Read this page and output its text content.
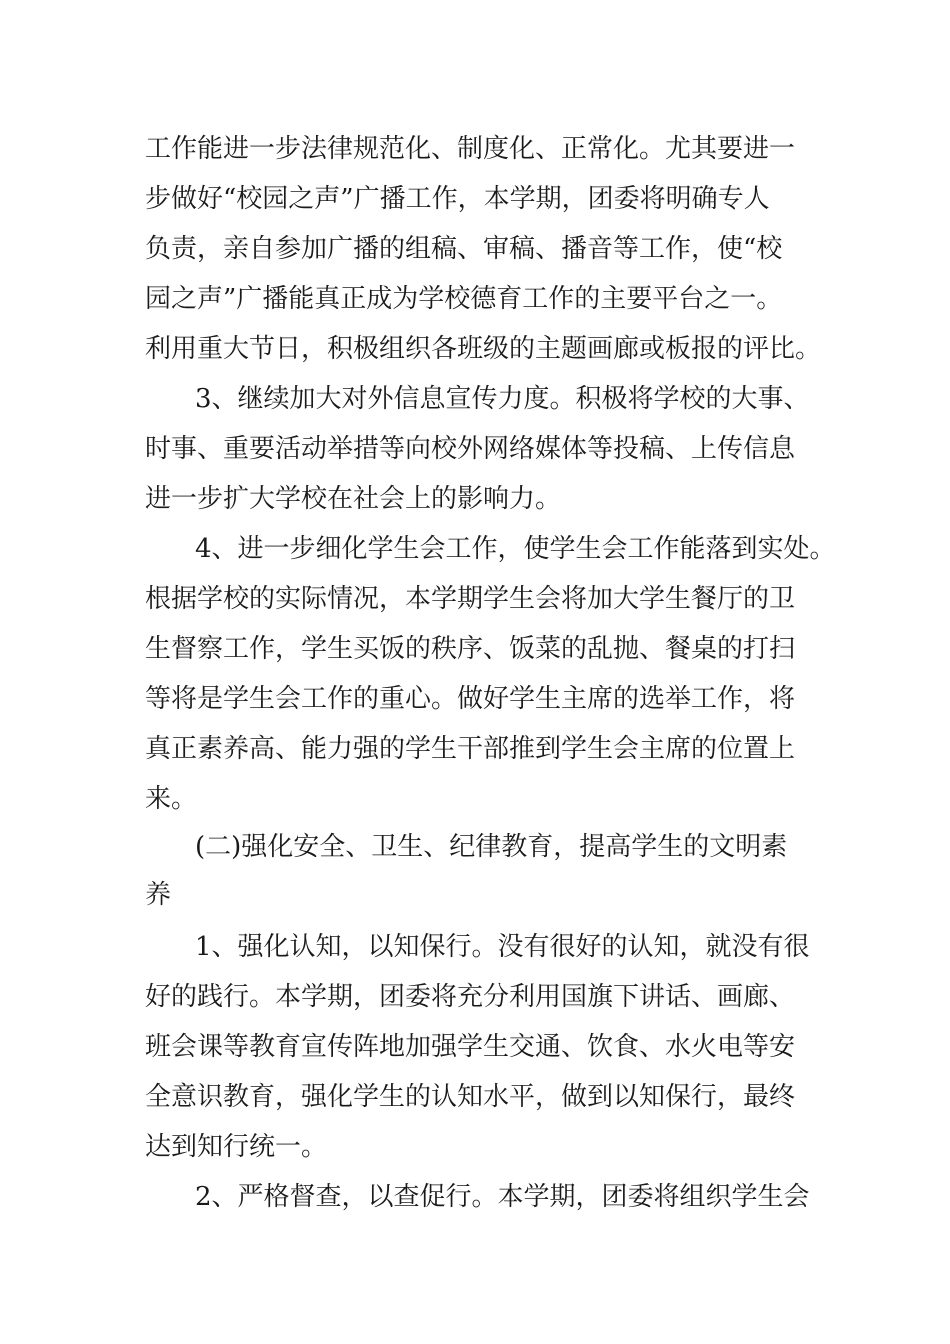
工作能进一步法律规范化、制度化、正常化。尤其要进一
步做好“校园之声”广播工作，本学期，团委将明确专人
负责，亲自参加广播的组稿、审稿、播音等工作，使“校
园之声”广播能真正成为学校德育工作的主要平台之一。
利用重大节日，积极组织各班级的主题画廊或板报的评比。
3、继续加大对外信息宣传力度。积极将学校的大事、
时事、重要活动举措等向校外网络媒体等投稿、上传信息
进一步扩大学校在社会上的影响力。
4、进一步细化学生会工作，使学生会工作能落到实处。
根据学校的实际情况，本学期学生会将加大学生餐厅的卫
生督察工作，学生买饭的秩序、饭菜的乱抛、餐桌的打扫
等将是学生会工作的重心。做好学生主席的选举工作，将
真正素养高、能力强的学生干部推到学生会主席的位置上
来。
(二)强化安全、卫生、纪律教育，提高学生的文明素
养
1、强化认知，以知保行。没有很好的认知，就没有很
好的践行。本学期，团委将充分利用国旗下讲话、画廊、
班会课等教育宣传阵地加强学生交通、饮食、水火电等安
全意识教育，强化学生的认知水平，做到以知保行，最终
达到知行统一。
2、严格督查，以查促行。本学期，团委将组织学生会
